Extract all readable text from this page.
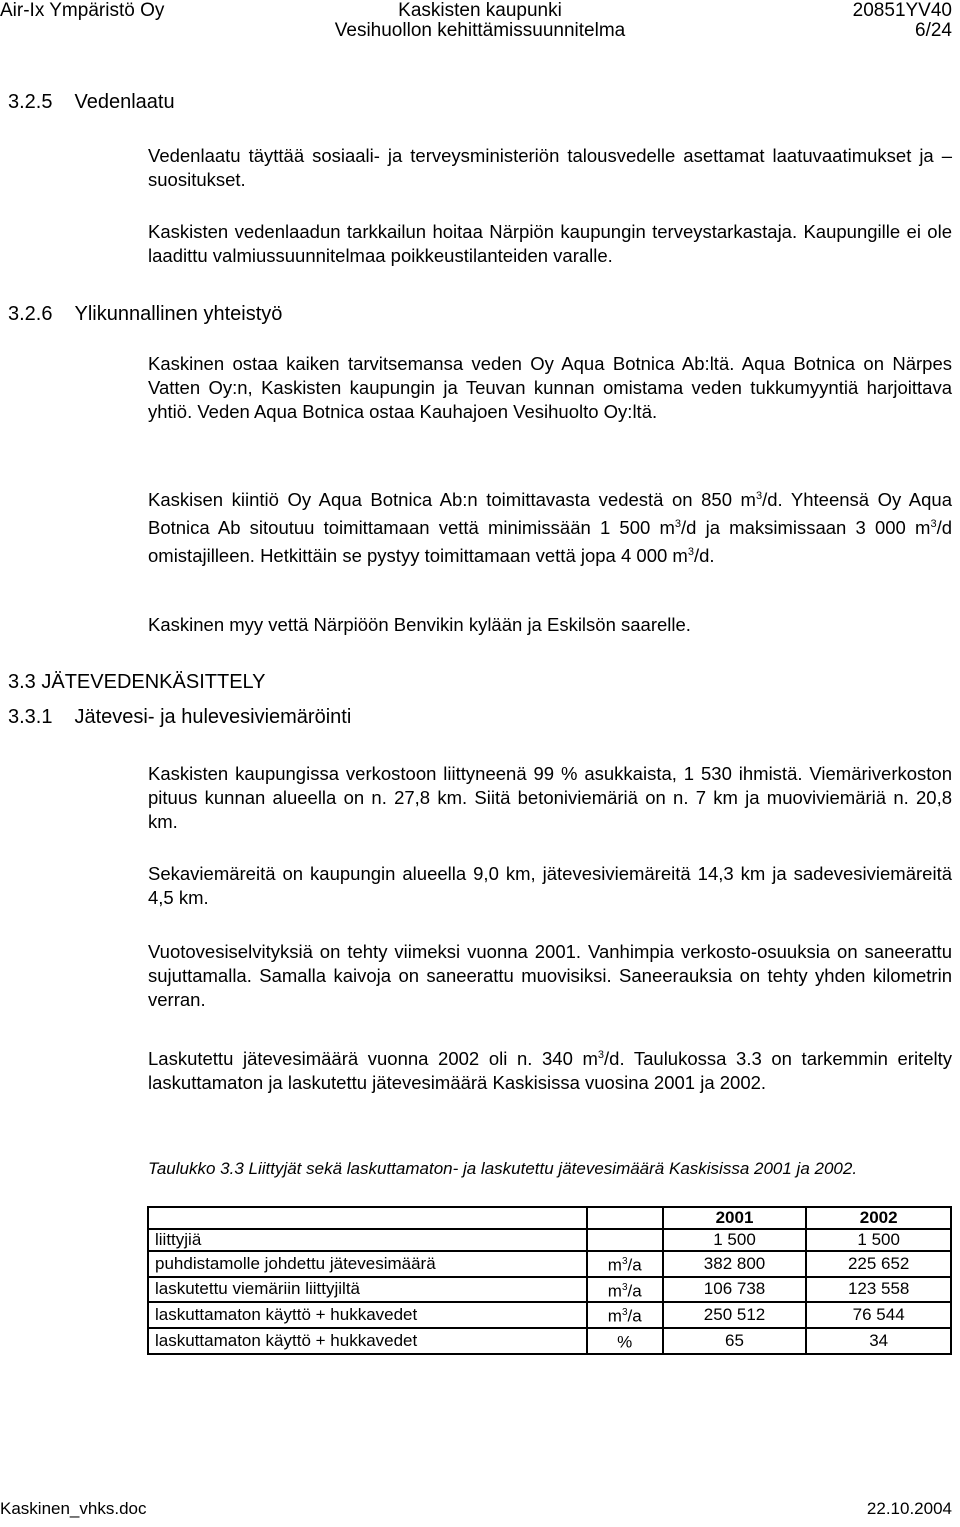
Air-Ix Ympäristö Oy	Kaskisten kaupunki
Vesihuollon kehittämissuunnitelma
20851YV40
6/24
3.2.5 Vedenlaatu
Vedenlaatu täyttää sosiaali- ja terveysministeriön talousvedelle asettamat laatuvaatimukset ja –suositukset.
Kaskisten vedenlaadun tarkkailun hoitaa Närpiön kaupungin terveystarkastaja. Kaupungille ei ole laadittu valmiussuunnitelmaa poikkeustilanteiden varalle.
3.2.6 Ylikunnallinen yhteistyö
Kaskinen ostaa kaiken tarvitsemansa veden Oy Aqua Botnica Ab:ltä. Aqua Botnica on Närpes Vatten Oy:n, Kaskisten kaupungin ja Teuvan kunnan omistama veden tukkumyyntiä harjoittava yhtiö. Veden Aqua Botnica ostaa Kauhajoen Vesihuolto Oy:ltä.
Kaskisen kiintiö Oy Aqua Botnica Ab:n toimittavasta vedestä on 850 $m^3/d$. Yhteensä Oy Aqua Botnica Ab sitoutuu toimittamaan vettä minimissään 1 500 $m^3/d$ ja maksimissaan 3 000 $m^3/d$ omistajilleen. Hetkittäin se pystyy toimittamaan vettä jopa 4 000 $m^3/d$.
Kaskinen myy vettä Närpiöön Benvikin kylään ja Eskilsön saarelle.
3.3 JÄTEVEDENKÄSITTELY
3.3.1 Jätevesi- ja hulevesiviemäröinti
Kaskisten kaupungissa verkostoon liittyneenä 99 % asukkaista, 1 530 ihmistä. Viemäriverkoston pituus kunnan alueella on n. 27,8 km. Siitä betoniviemäriä on n. 7 km ja muoviviemäriä n. 20,8 km.
Sekaviemäreitä on kaupungin alueella 9,0 km, jätevesiviemäreitä 14,3 km ja sadevesiviemäreitä 4,5 km.
Vuotovesiselvityksiä on tehty viimeksi vuonna 2001. Vanhimpia verkosto-osuuksia on saneerattu sujuttamalla. Samalla kaivoja on saneerattu muovisiksi. Saneerauksia on tehty yhden kilometrin verran.
Laskutettu jätevesimäärä vuonna 2002 oli n. 340 $m^3/d$. Taulukossa 3.3 on tarkemmin eritelty laskuttamaton ja laskutettu jätevesimäärä Kaskisissa vuosina 2001 ja 2002.
Taulukko 3.3 Liittyjät sekä laskuttamaton- ja laskutettu jätevesimäärä Kaskisissa 2001 ja 2002.
		2001	2002
liittyjiä		1 500	1 500
puhdistamolle johdettu jätevesimäärä	$m^3/a$	382 800	225 652
laskutettu viemäriin liittyjiltä	$m^3/a$	106 738	123 558
laskuttamaton käyttö + hukkavedet	$m^3/a$	250 512	76 544
laskuttamaton käyttö + hukkavedet	%	65	34
Kaskinen_vhks.doc	22.10.2004
